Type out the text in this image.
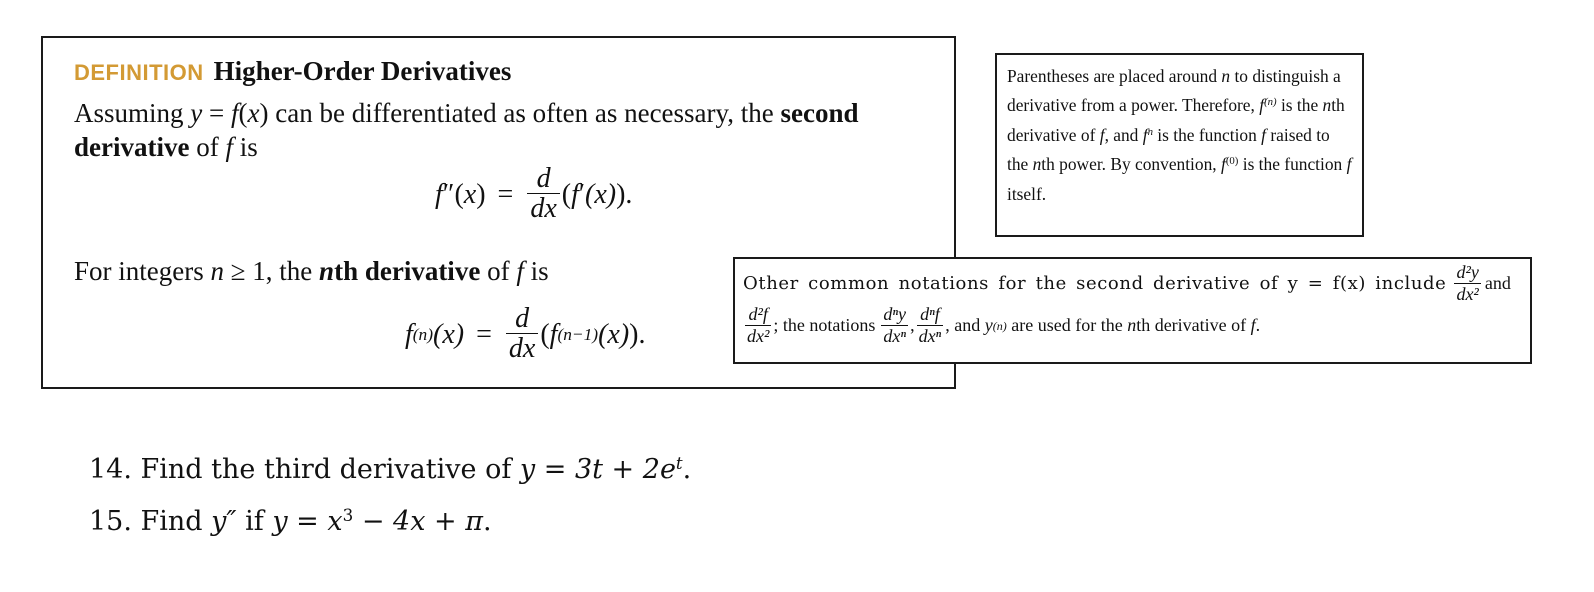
DEFINITION Higher-Order Derivatives
Assuming y = f(x) can be differentiated as often as necessary, the second derivative of f is
f ″ ( x ) = $\frac{d}{dx}$ ( f ′ (x) ).
For integers n ≥ 1, the nth derivative of f is
f (n) $(x) = \frac{d}{dx}$ ( f (n−1) (x) ).
Parentheses are placed around n to distinguish a derivative from a power. Therefore, $f^{(n)}$ is the nth derivative of f, and $f^n$ is the function f raised to the nth power. By convention, $f^{(0)}$ is the function f itself.
Other common notations for the second derivative of y = f(x) include $\frac{\text{d²y}}{\text{dx²}}$ and
$\frac{\text{d²f}}{\text{dx²}}$ ; the notations $\frac{\text{dⁿy}}{\text{dxⁿ}}$ , $\frac{\text{dⁿf}}{\text{dxⁿ}}$ , and y (n) are used for the n th derivative of f .
14. Find the third derivative of $y = 3t + 2e^t$.
15. Find y″ if $y = x^3 - 4x + \pi$.
